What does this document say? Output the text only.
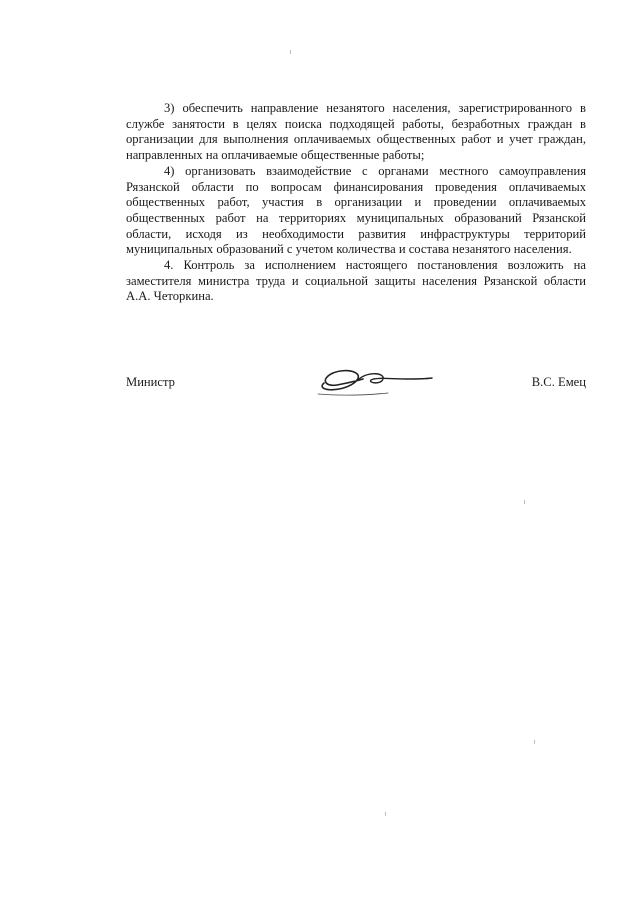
3) обеспечить направление незанятого населения, зарегистрированного в службе занятости в целях поиска подходящей работы, безработных граждан в организации для выполнения оплачиваемых общественных работ и учет граждан, направленных на оплачиваемые общественные работы;

4) организовать взаимодействие с органами местного самоуправления Рязанской области по вопросам финансирования проведения оплачиваемых общественных работ, участия в организации и проведении оплачиваемых общественных работ на территориях муниципальных образований Рязанской области, исходя из необходимости развития инфраструктуры территорий муниципальных образований с учетом количества и состава незанятого населения.

4. Контроль за исполнением настоящего постановления возложить на заместителя министра труда и социальной защиты населения Рязанской области А.А. Четоркина.

Министр	В.С. Емец
